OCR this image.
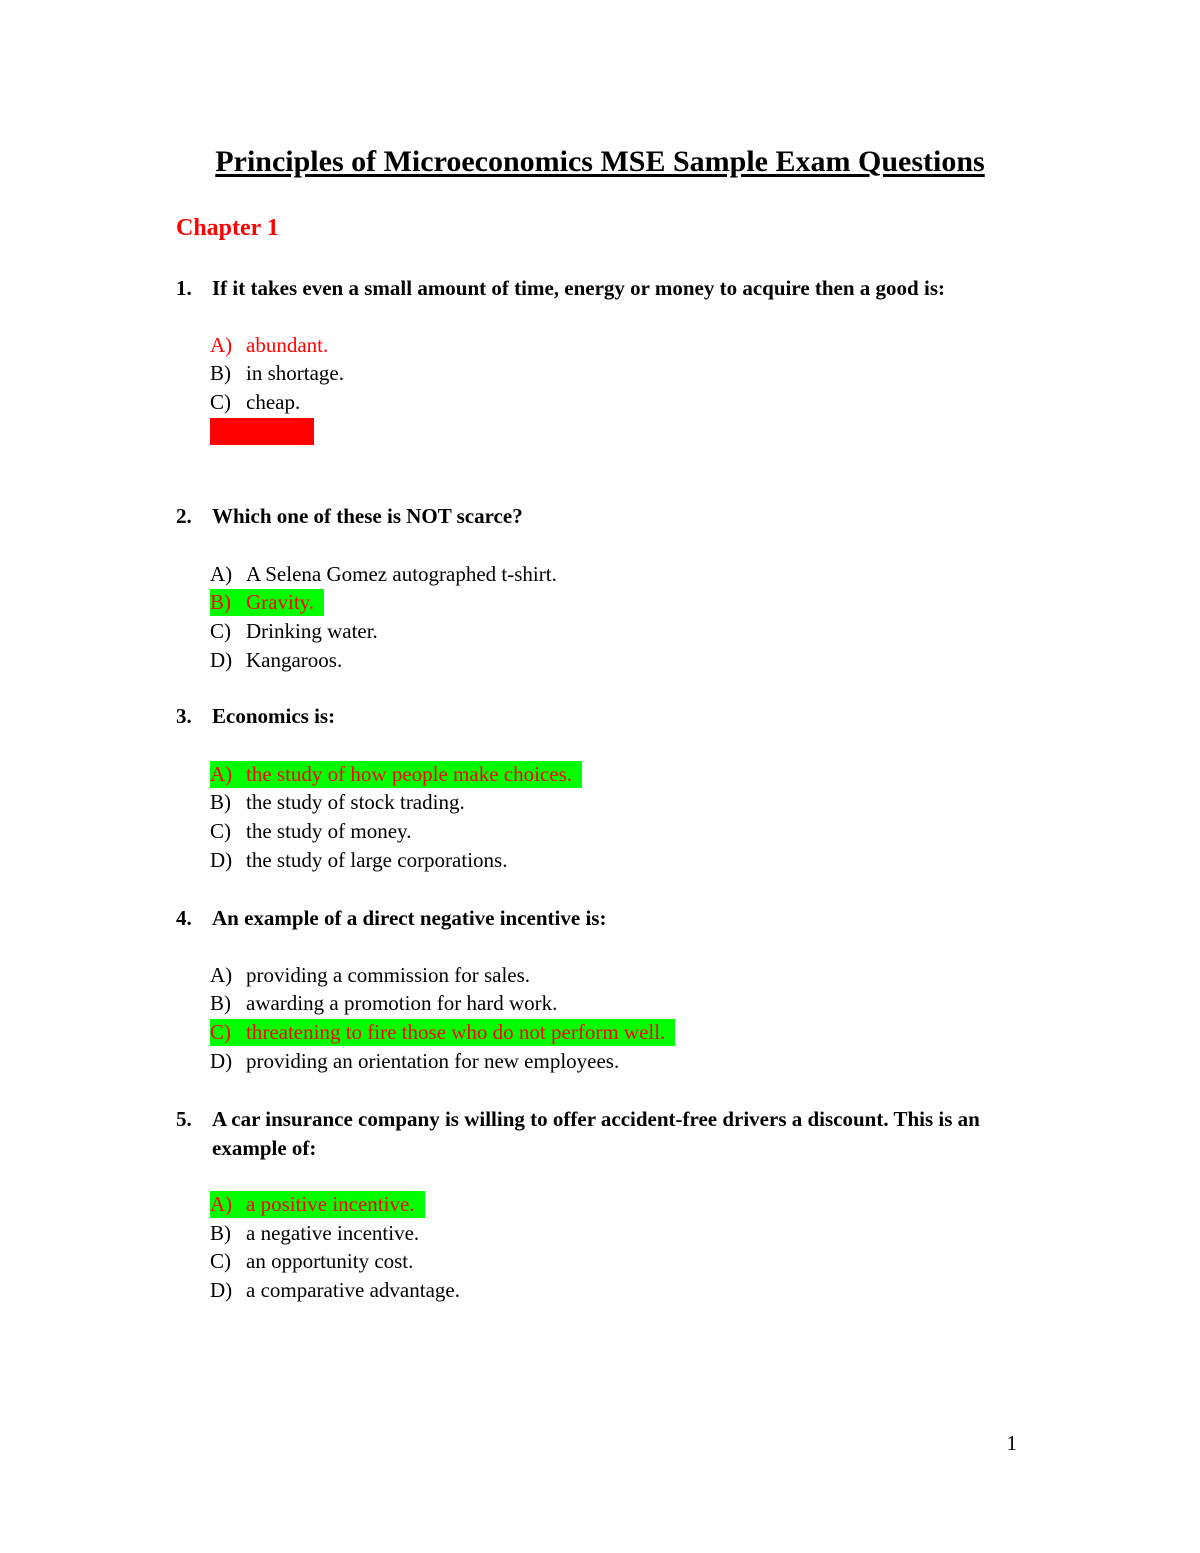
Principles of Microeconomics MSE Sample Exam Questions
Chapter 1
1. If it takes even a small amount of time, energy or money to acquire then a good is:
A) abundant.
B) in shortage.
C) cheap.
D) scarce.
2. Which one of these is NOT scarce?
A) A Selena Gomez autographed t-shirt.
B) Gravity.
C) Drinking water.
D) Kangaroos.
3. Economics is:
A) the study of how people make choices.
B) the study of stock trading.
C) the study of money.
D) the study of large corporations.
4. An example of a direct negative incentive is:
A) providing a commission for sales.
B) awarding a promotion for hard work.
C) threatening to fire those who do not perform well.
D) providing an orientation for new employees.
5. A car insurance company is willing to offer accident-free drivers a discount. This is an example of:
A) a positive incentive.
B) a negative incentive.
C) an opportunity cost.
D) a comparative advantage.
1
